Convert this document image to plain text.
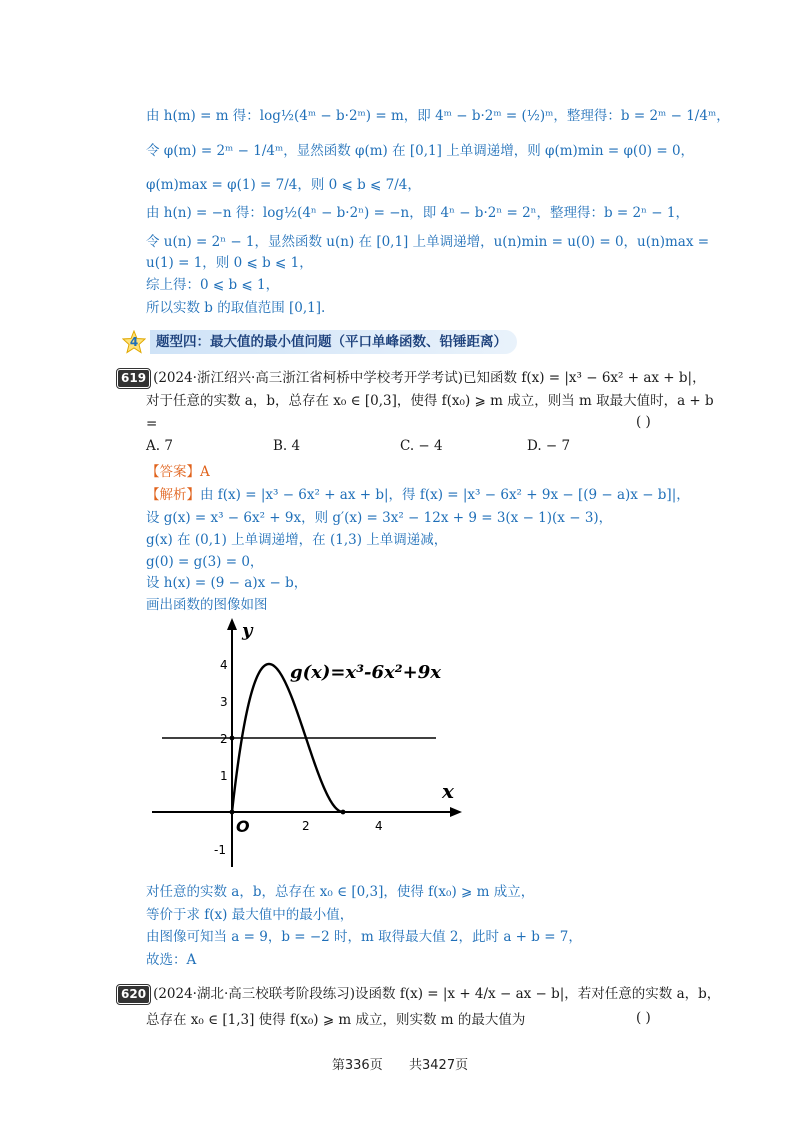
由 h(m) = m 得：log½(4ᵐ − b·2ᵐ) = m，即 4ᵐ − b·2ᵐ = (½)ᵐ，整理得：b = 2ᵐ − 1/4ᵐ，
令 φ(m) = 2ᵐ − 1/4ᵐ，显然函数 φ(m) 在 [0,1] 上单调递增，则 φ(m)min = φ(0) = 0，
φ(m)max = φ(1) = 7/4，则 0 ⩽ b ⩽ 7/4，
由 h(n) = −n 得：log½(4ⁿ − b·2ⁿ) = −n，即 4ⁿ − b·2ⁿ = 2ⁿ，整理得：b = 2ⁿ − 1，
令 u(n) = 2ⁿ − 1，显然函数 u(n) 在 [0,1] 上单调递增，u(n)min = u(0) = 0，u(n)max =
u(1) = 1，则 0 ⩽ b ⩽ 1，
综上得：0 ⩽ b ⩽ 1，
所以实数 b 的取值范围 [0,1].
4	题型四：最大值的最小值问题（平口单峰函数、铅锤距离）
619 (2024·浙江绍兴·高三浙江省柯桥中学校考开学考试)已知函数 f(x) = |x³ − 6x² + ax + b|，
对于任意的实数 a，b，总存在 x₀ ∈ [0,3]，使得 f(x₀) ⩾ m 成立，则当 m 取最大值时，a + b
=	( )
A. 7	B. 4	C. − 4	D. − 7
【答案】A
【解析】由 f(x) = |x³ − 6x² + ax + b|，得 f(x) = |x³ − 6x² + 9x − [(9 − a)x − b]|，
设 g(x) = x³ − 6x² + 9x，则 g′(x) = 3x² − 12x + 9 = 3(x − 1)(x − 3)，
g(x) 在 (0,1) 上单调递增，在 (1,3) 上单调递减，
g(0) = g(3) = 0，
设 h(x) = (9 − a)x − b，
画出函数的图像如图
x
y
O	2	4
4
3
2
1
-1
g(x)=x³-6x²+9x
对任意的实数 a，b，总存在 x₀ ∈ [0,3]，使得 f(x₀) ⩾ m 成立，
等价于求 f(x) 最大值中的最小值，
由图像可知当 a = 9，b = −2 时，m 取得最大值 2，此时 a + b = 7，
故选：A
620 (2024·湖北·高三校联考阶段练习)设函数 f(x) = |x + 4/x − ax − b|，若对任意的实数 a，b，
总存在 x₀ ∈ [1,3] 使得 f(x₀) ⩾ m 成立，则实数 m 的最大值为	( )
第336页 共3427页
